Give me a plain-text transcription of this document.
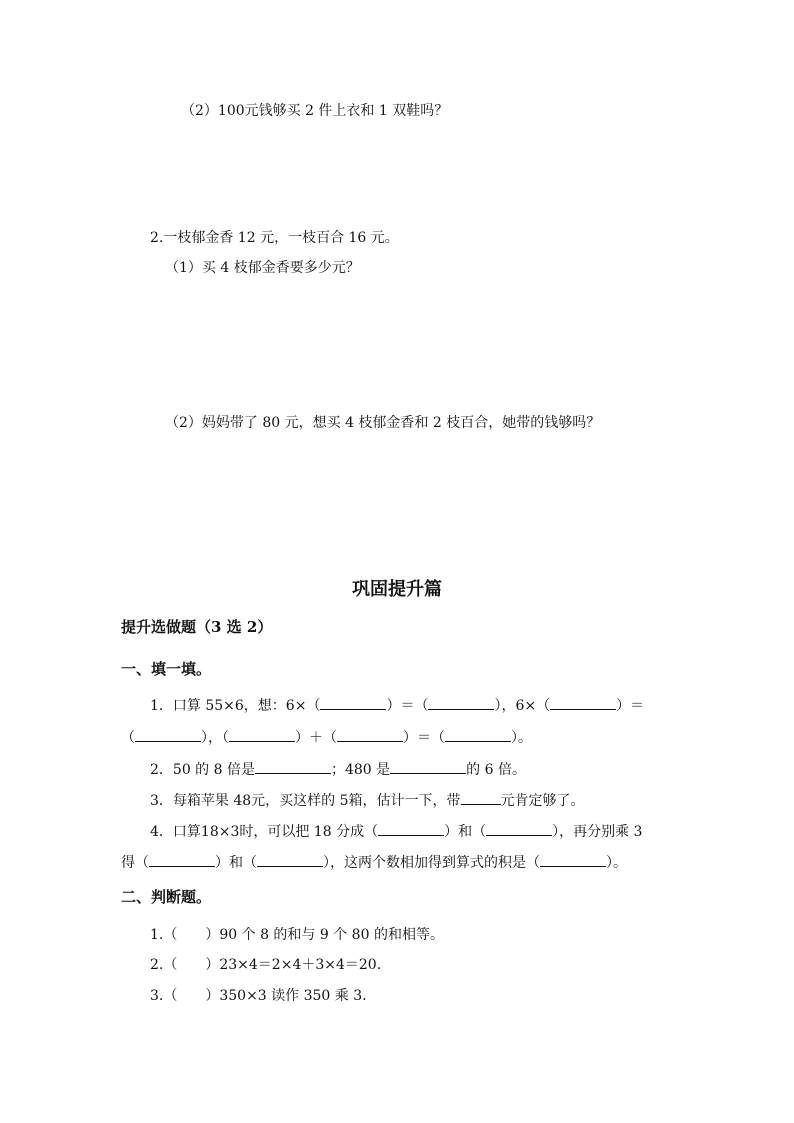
（2）100元钱够买 2 件上衣和 1 双鞋吗？
2.一枝郁金香 12 元，一枝百合 16 元。
（1）买 4 枝郁金香要多少元？
（2）妈妈带了 80 元，想买 4 枝郁金香和 2 枝百合，她带的钱够吗？
巩固提升篇
提升选做题（3 选 2）
一、填一填。
1．口算 55×6，想：6×（	）＝（	），6×（	）＝
（	），（	）＋（	）＝（	）。
2．50 的 8 倍是	；480 是	的 6 倍。
3．每箱苹果 48元，买这样的 5箱，估计一下，带	元肯定够了。
4．口算18×3时，可以把 18 分成（	）和（	），再分别乘 3
得（	）和（	），这两个数相加得到算式的积是（	）。
二、判断题。
1.（　　）90 个 8 的和与 9 个 80 的和相等。
2.（　　）23×4＝2×4＋3×4＝20.
3.（　　）350×3 读作 350 乘 3.
